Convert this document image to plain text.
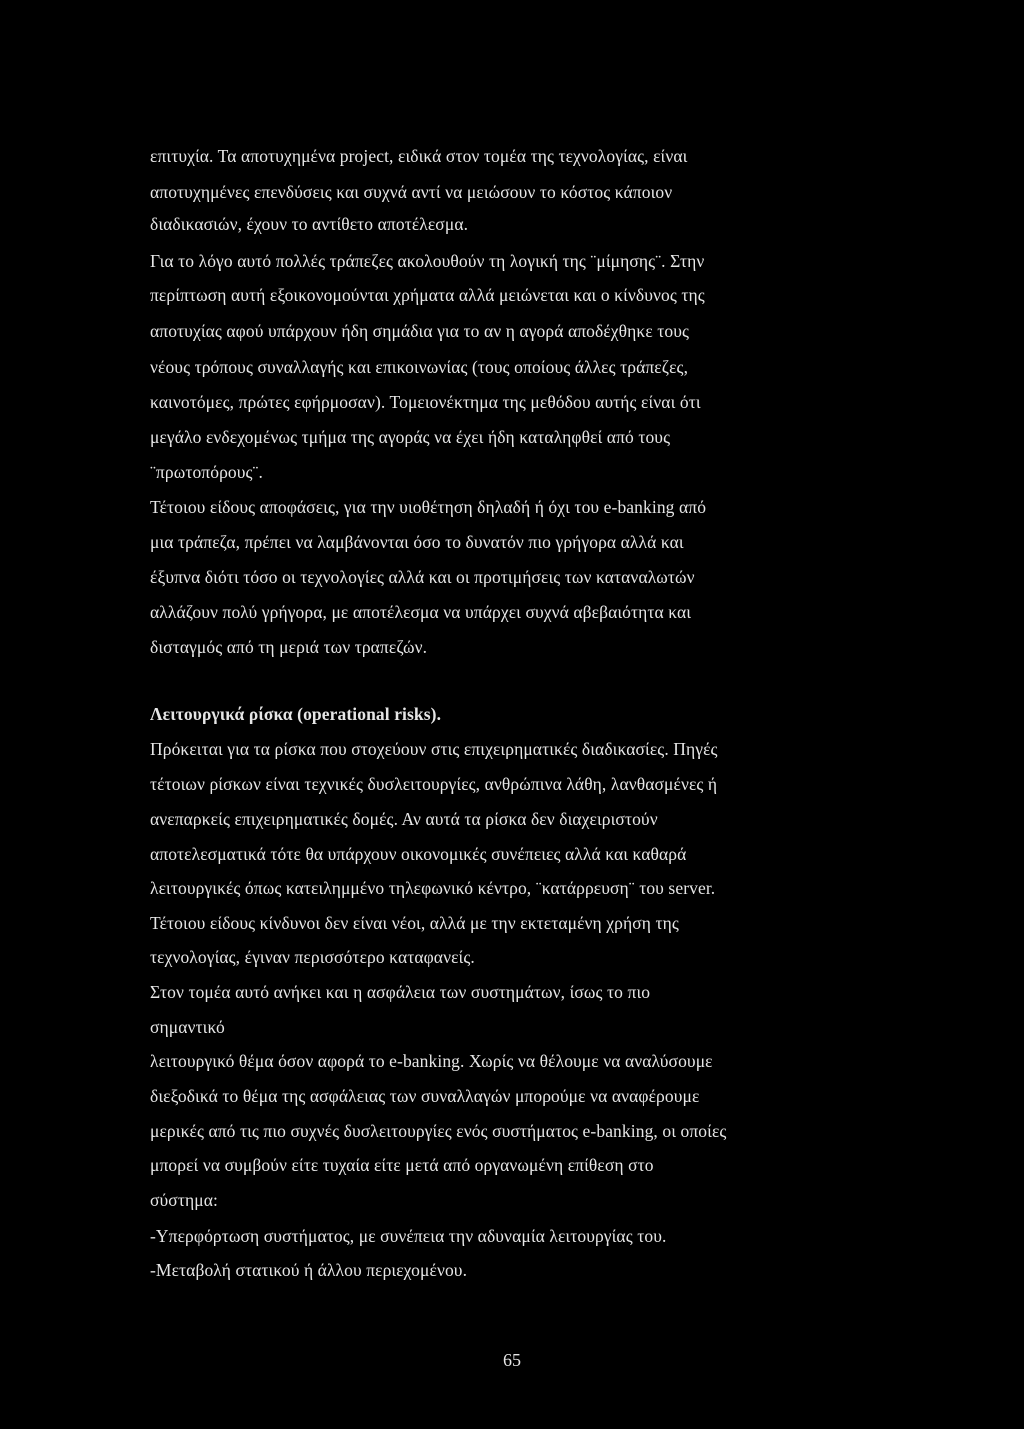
επιτυχία. Τα αποτυχημένα project, ειδικά στον τομέα της τεχνολογίας, είναι
αποτυχημένες επενδύσεις και συχνά αντί να μειώσουν το κόστος κάποιον
διαδικασιών, έχουν το αντίθετο αποτέλεσμα.
Για το λόγο αυτό πολλές τράπεζες ακολουθούν τη λογική της ¨μίμησης¨. Στην
περίπτωση αυτή εξοικονομούνται χρήματα αλλά μειώνεται και ο κίνδυνος της
αποτυχίας αφού υπάρχουν ήδη σημάδια για το αν η αγορά αποδέχθηκε τους
νέους τρόπους συναλλαγής και επικοινωνίας (τους οποίους άλλες τράπεζες,
καινοτόμες, πρώτες εφήρμοσαν). Τομειονέκτημα της μεθόδου αυτής είναι ότι
μεγάλο ενδεχομένως τμήμα της αγοράς να έχει ήδη καταληφθεί από τους
¨πρωτοπόρους¨.
Τέτοιου είδους αποφάσεις, για την υιοθέτηση δηλαδή ή όχι του e-banking από
μια τράπεζα, πρέπει να λαμβάνονται όσο το δυνατόν πιο γρήγορα αλλά και
έξυπνα διότι τόσο οι τεχνολογίες αλλά και οι προτιμήσεις των καταναλωτών
αλλάζουν πολύ γρήγορα, με αποτέλεσμα να υπάρχει συχνά αβεβαιότητα και
δισταγμός από τη μεριά των τραπεζών.
Λειτουργικά ρίσκα (operational risks).
Πρόκειται για τα ρίσκα που στοχεύουν στις επιχειρηματικές διαδικασίες. Πηγές
τέτοιων ρίσκων είναι τεχνικές δυσλειτουργίες, ανθρώπινα λάθη, λανθασμένες ή
ανεπαρκείς επιχειρηματικές δομές. Αν αυτά τα ρίσκα δεν διαχειριστούν
αποτελεσματικά τότε θα υπάρχουν οικονομικές συνέπειες αλλά και καθαρά
λειτουργικές όπως κατειλημμένο τηλεφωνικό κέντρο, ¨κατάρρευση¨ του server.
Τέτοιου είδους κίνδυνοι δεν είναι νέοι, αλλά με την εκτεταμένη χρήση της
τεχνολογίας, έγιναν περισσότερο καταφανείς.
Στον τομέα αυτό ανήκει και η ασφάλεια των συστημάτων, ίσως το πιο
σημαντικό
λειτουργικό θέμα όσον αφορά το e-banking. Χωρίς να θέλουμε να αναλύσουμε
διεξοδικά το θέμα της ασφάλειας των συναλλαγών μπορούμε να αναφέρουμε
μερικές από τις πιο συχνές δυσλειτουργίες ενός συστήματος e-banking, οι οποίες
μπορεί να συμβούν είτε τυχαία είτε μετά από οργανωμένη επίθεση στο
σύστημα:
-Υπερφόρτωση συστήματος, με συνέπεια την αδυναμία λειτουργίας του.
-Μεταβολή στατικού ή άλλου περιεχομένου.
65
